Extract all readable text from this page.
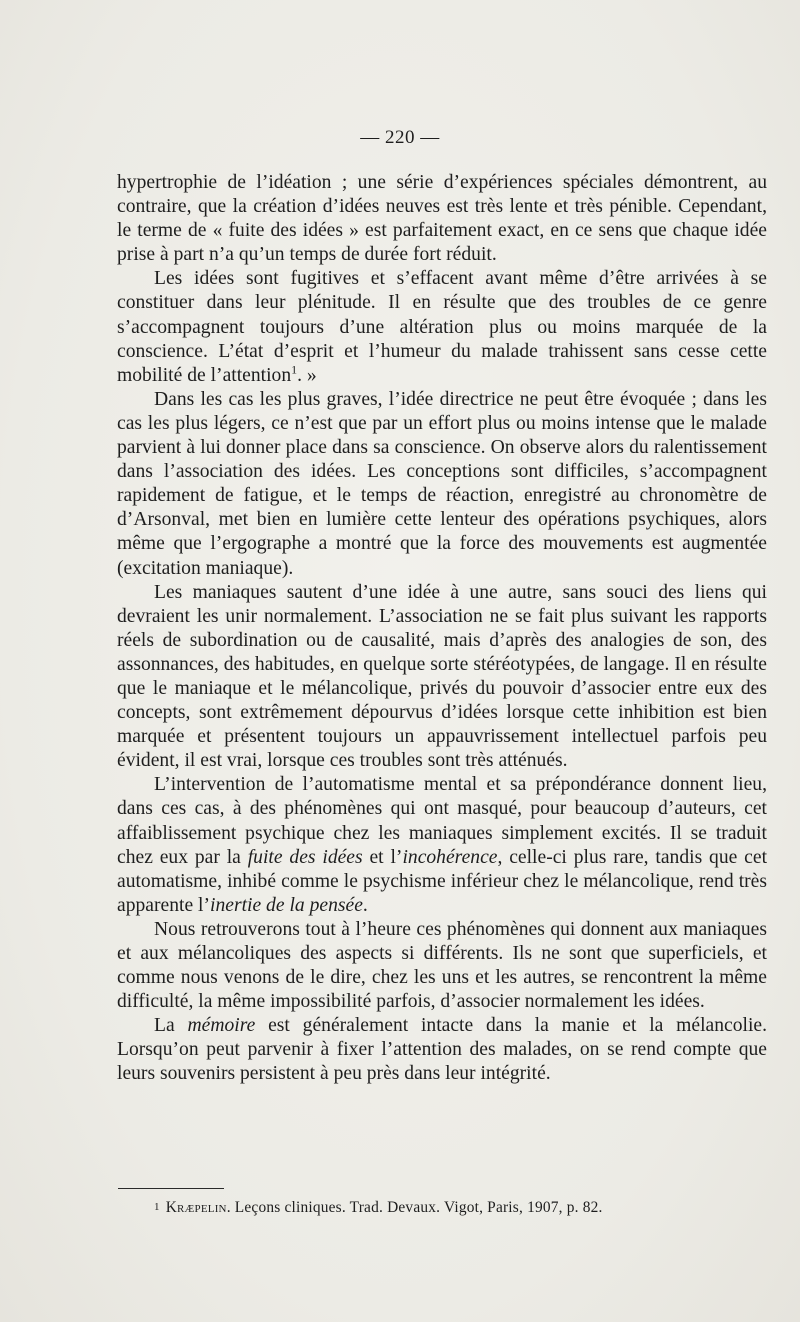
— 220 —

hypertrophie de l’idéation ; une série d’expériences spéciales démontrent, au contraire, que la création d’idées neuves est très lente et très pénible. Cependant, le terme de « fuite des idées » est parfaitement exact, en ce sens que chaque idée prise à part n’a qu’un temps de durée fort réduit.

Les idées sont fugitives et s’effacent avant même d’être arrivées à se constituer dans leur plénitude. Il en résulte que des troubles de ce genre s’accompagnent toujours d’une altération plus ou moins marquée de la conscience. L’état d’esprit et l’humeur du malade trahissent sans cesse cette mobilité de l’attention$^1$. »

Dans les cas les plus graves, l’idée directrice ne peut être évoquée ; dans les cas les plus légers, ce n’est que par un effort plus ou moins intense que le malade parvient à lui donner place dans sa conscience. On observe alors du ralentissement dans l’association des idées. Les conceptions sont difficiles, s’accompagnent rapidement de fatigue, et le temps de réaction, enregistré au chronomètre de d’Arsonval, met bien en lumière cette lenteur des opérations psychiques, alors même que l’ergographe a montré que la force des mouvements est augmentée (excitation maniaque).

Les maniaques sautent d’une idée à une autre, sans souci des liens qui devraient les unir normalement. L’association ne se fait plus suivant les rapports réels de subordination ou de causalité, mais d’après des analogies de son, des assonnances, des habitudes, en quelque sorte stéréotypées, de langage. Il en résulte que le maniaque et le mélancolique, privés du pouvoir d’associer entre eux des concepts, sont extrêmement dépourvus d’idées lorsque cette inhibition est bien marquée et présentent toujours un appauvrissement intellectuel parfois peu évident, il est vrai, lorsque ces troubles sont très atténués.

L’intervention de l’automatisme mental et sa prépondérance donnent lieu, dans ces cas, à des phénomènes qui ont masqué, pour beaucoup d’auteurs, cet affaiblissement psychique chez les maniaques simplement excités. Il se traduit chez eux par la fuite des idées et l’incohérence, celle-ci plus rare, tandis que cet automatisme, inhibé comme le psychisme inférieur chez le mélancolique, rend très apparente l’inertie de la pensée.

Nous retrouverons tout à l’heure ces phénomènes qui donnent aux maniaques et aux mélancoliques des aspects si différents. Ils ne sont que superficiels, et comme nous venons de le dire, chez les uns et les autres, se rencontrent la même difficulté, la même impossibilité parfois, d’associer normalement les idées.

La mémoire est généralement intacte dans la manie et la mélancolie. Lorsqu’on peut parvenir à fixer l’attention des malades, on se rend compte que leurs souvenirs persistent à peu près dans leur intégrité.

$^1$ Kræpelin. Leçons cliniques. Trad. Devaux. Vigot, Paris, 1907, p. 82.
